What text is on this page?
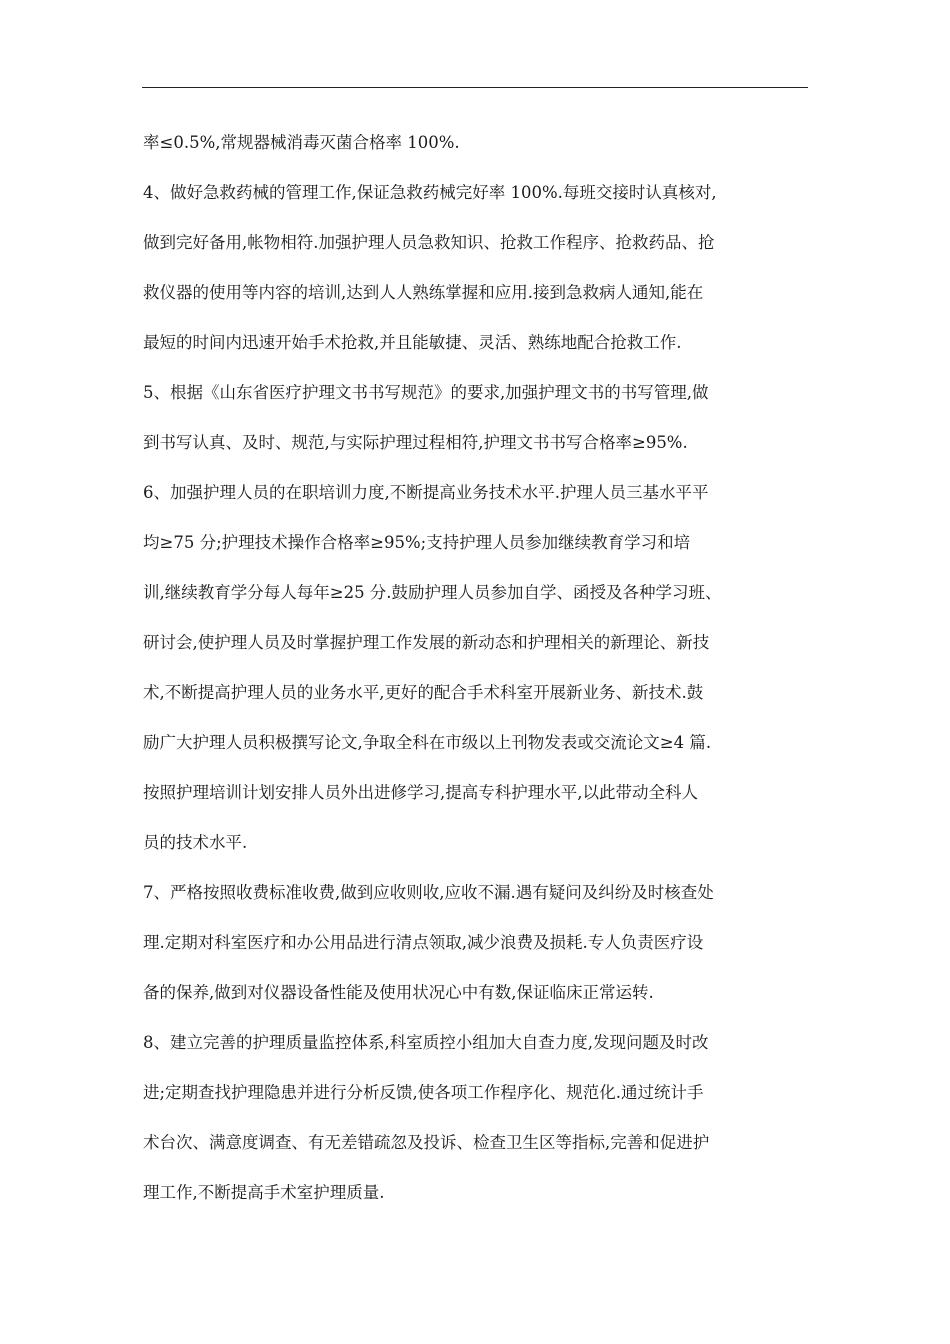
率≤0.5%,常规器械消毒灭菌合格率 100%.
4、做好急救药械的管理工作,保证急救药械完好率 100%.每班交接时认真核对,
做到完好备用,帐物相符.加强护理人员急救知识、抢救工作程序、抢救药品、抢
救仪器的使用等内容的培训,达到人人熟练掌握和应用.接到急救病人通知,能在
最短的时间内迅速开始手术抢救,并且能敏捷、灵活、熟练地配合抢救工作.
5、根据《山东省医疗护理文书书写规范》的要求,加强护理文书的书写管理,做
到书写认真、及时、规范,与实际护理过程相符,护理文书书写合格率≥95%.
6、加强护理人员的在职培训力度,不断提高业务技术水平.护理人员三基水平平
均≥75 分;护理技术操作合格率≥95%;支持护理人员参加继续教育学习和培
训,继续教育学分每人每年≥25 分.鼓励护理人员参加自学、函授及各种学习班、
研讨会,使护理人员及时掌握护理工作发展的新动态和护理相关的新理论、新技
术,不断提高护理人员的业务水平,更好的配合手术科室开展新业务、新技术.鼓
励广大护理人员积极撰写论文,争取全科在市级以上刊物发表或交流论文≥4 篇.
按照护理培训计划安排人员外出进修学习,提高专科护理水平,以此带动全科人
员的技术水平.
7、严格按照收费标准收费,做到应收则收,应收不漏.遇有疑问及纠纷及时核查处
理.定期对科室医疗和办公用品进行清点领取,减少浪费及损耗.专人负责医疗设
备的保养,做到对仪器设备性能及使用状况心中有数,保证临床正常运转.
8、建立完善的护理质量监控体系,科室质控小组加大自查力度,发现问题及时改
进;定期查找护理隐患并进行分析反馈,使各项工作程序化、规范化.通过统计手
术台次、满意度调查、有无差错疏忽及投诉、检查卫生区等指标,完善和促进护
理工作,不断提高手术室护理质量.
